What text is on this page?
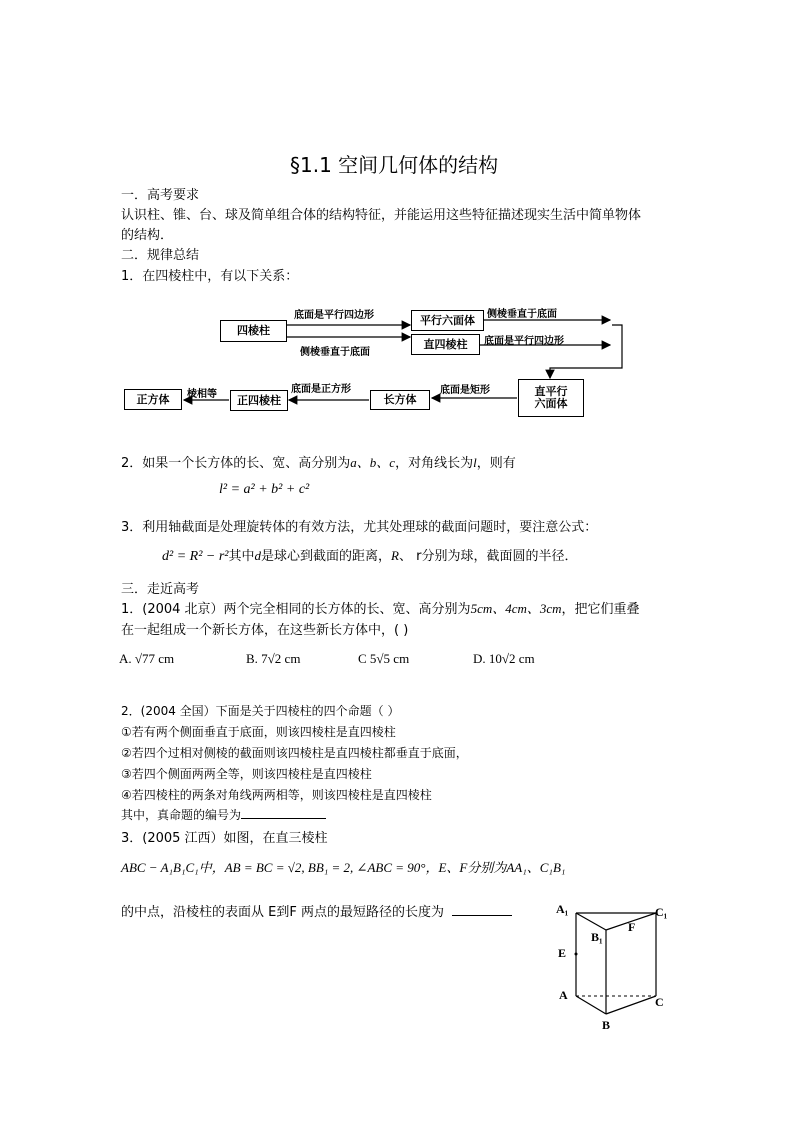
§1.1 空间几何体的结构
一．高考要求
认识柱、锥、台、球及简单组合体的结构特征，并能运用这些特征描述现实生活中简单物体
的结构．
二．规律总结
1．在四棱柱中，有以下关系：
四棱柱
平行六面体
直四棱柱
直平行
六面体
长方体
正四棱柱
正方体
底面是平行四边形
侧棱垂直于底面
侧棱垂直于底面
底面是平行四边形
底面是矩形
底面是正方形
棱相等
2．如果一个长方体的长、宽、高分别为a、b、c，对角线长为l，则有
l² = a² + b² + c²
3．利用轴截面是处理旋转体的有效方法，尤其处理球的截面问题时，要注意公式：
d² = R² − r²其中d是球心到截面的距离，R、 r分别为球，截面圆的半径．
三．走近高考
1．(2004 北京）两个完全相同的长方体的长、宽、高分别为5cm、4cm、3cm，把它们重叠
在一起组成一个新长方体，在这些新长方体中，( )
A. √77 cm	B. 7√2 cm	C 5√5 cm	D. 10√2 cm
2．(2004 全国）下面是关于四棱柱的四个命题（ ）
①若有两个侧面垂直于底面，则该四棱柱是直四棱柱
②若四个过相对侧棱的截面则该四棱柱是直四棱柱都垂直于底面，
③若四个侧面两两全等，则该四棱柱是直四棱柱
④若四棱柱的两条对角线两两相等，则该四棱柱是直四棱柱
其中，真命题的编号为
3．(2005 江西）如图，在直三棱柱
ABC − A₁B₁C₁中，AB = BC = √2, BB₁ = 2, ∠ABC = 90°，E、F分别为AA₁、C₁B₁
的中点，沿棱柱的表面从 E到F 两点的最短路径的长度为	A₁	C₁
B₁
F
E
A	C
B
